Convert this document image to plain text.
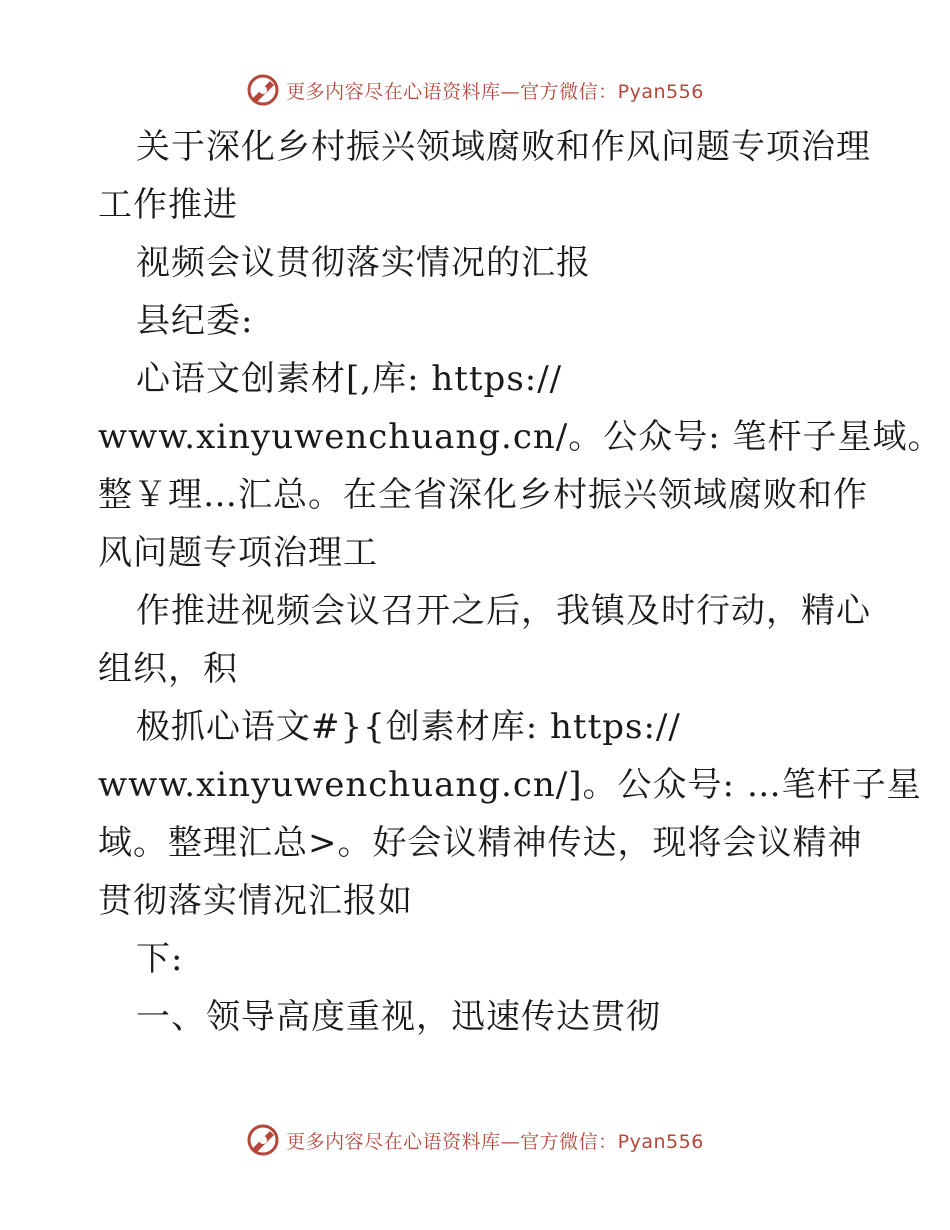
更多内容尽在心语资料库—官方微信：Pyan556
关于深化乡村振兴领域腐败和作风问题专项治理
工作推进
视频会议贯彻落实情况的汇报
县纪委:
心语文创素材[,库: https://
www.xinyuwenchuang.cn/。公众号: 笔杆子星域。
整￥理…汇总。在全省深化乡村振兴领域腐败和作
风问题专项治理工
作推进视频会议召开之后，我镇及时行动，精心
组织，积
极抓心语文#}{创素材库: https://
www.xinyuwenchuang.cn/]。公众号: …笔杆子星
域。整理汇总>。好会议精神传达，现将会议精神
贯彻落实情况汇报如
下:
一、领导高度重视，迅速传达贯彻
更多内容尽在心语资料库—官方微信：Pyan556
